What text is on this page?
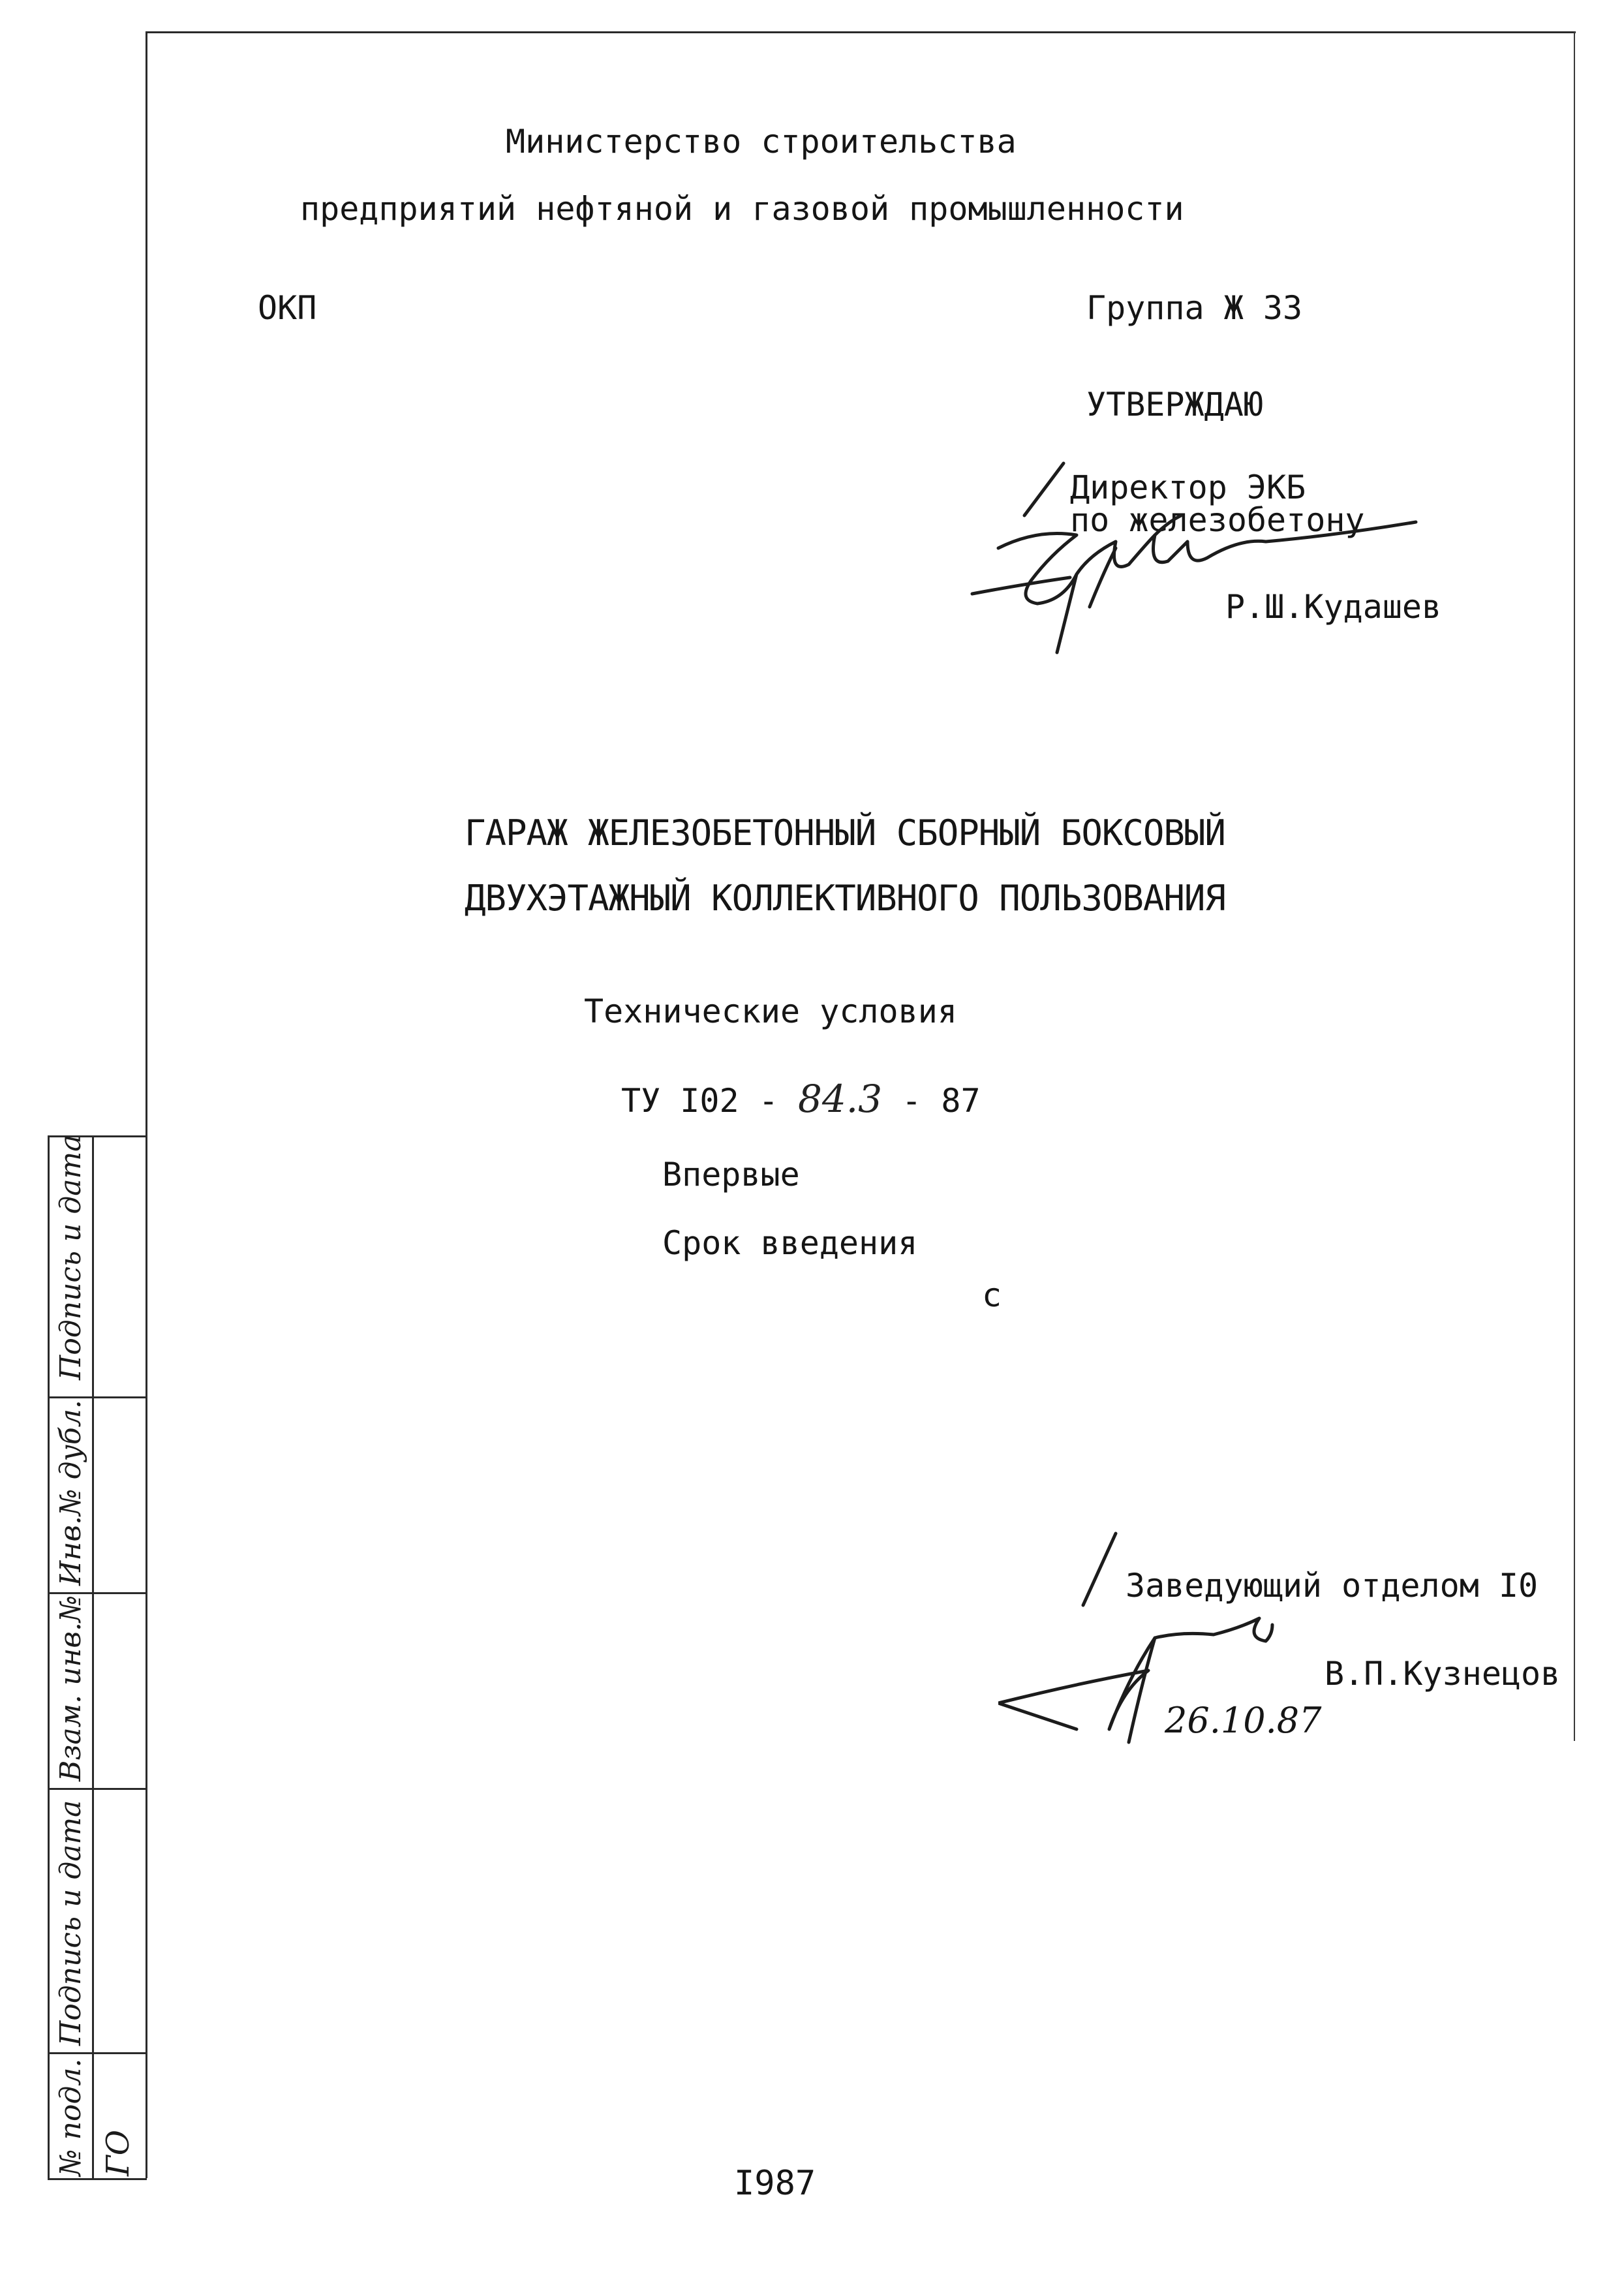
Министерство строительства
предприятий нефтяной и газовой промышленности
ОКП	Группа Ж 33
УТВЕРЖДАЮ
Директор ЭКБ
по железобетону
Р.Ш.Кудашев
ГАРАЖ ЖЕЛЕЗОБЕТОННЫЙ СБОРНЫЙ БОКСОВЫЙ
ДВУХЭТАЖНЫЙ КОЛЛЕКТИВНОГО ПОЛЬЗОВАНИЯ
Технические условия
ТУ I02 - 84.3 - 87
Впервые
Срок введения
с
Заведующий отделом I0
В.П.Кузнецов
26.10.87
I987
Подпись и дата
Инв.№ дубл.
Взам. инв.№
Подпись и дата
№ подл. ГО
